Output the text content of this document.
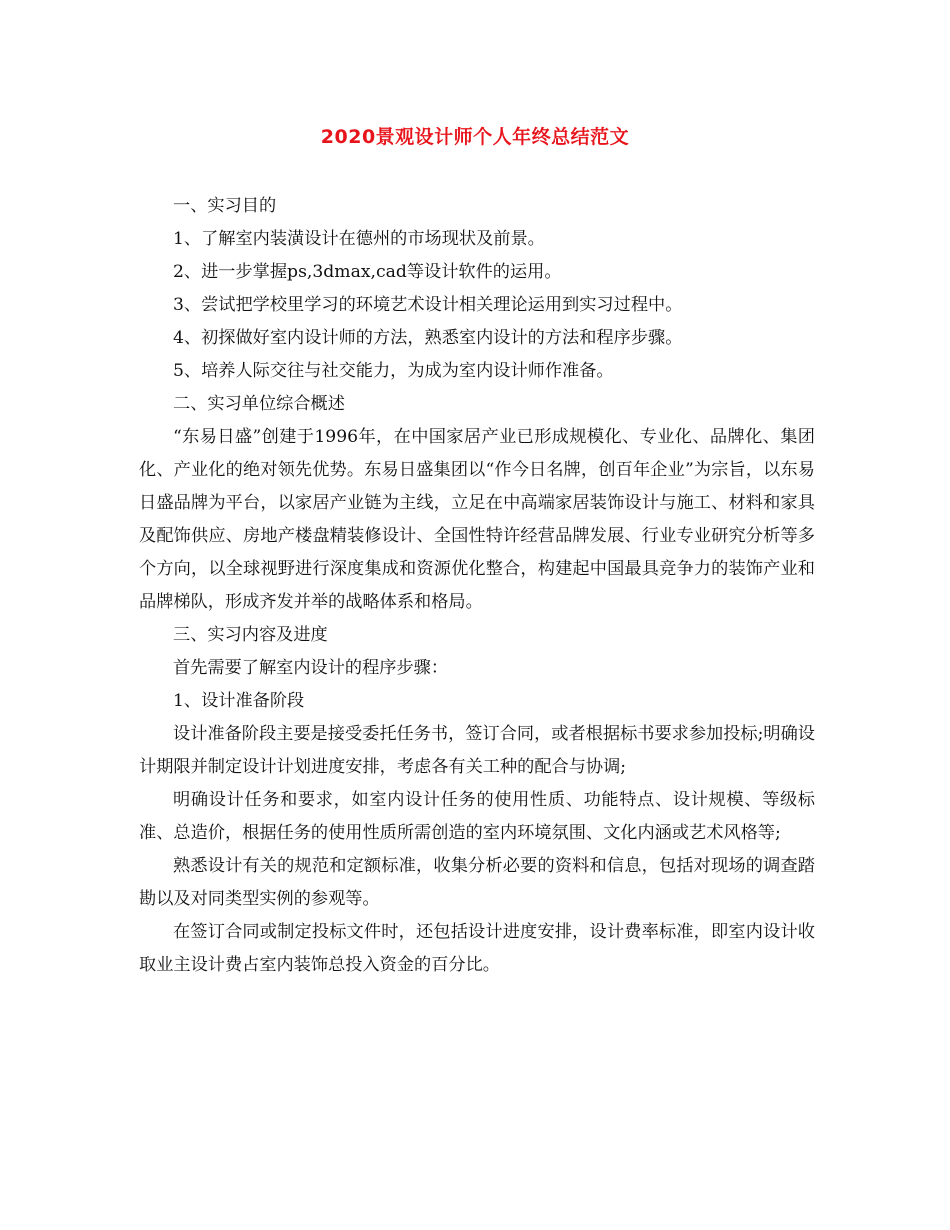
2020景观设计师个人年终总结范文

一、实习目的

1、了解室内装潢设计在德州的市场现状及前景。

2、进一步掌握ps,3dmax,cad等设计软件的运用。

3、尝试把学校里学习的环境艺术设计相关理论运用到实习过程中。

4、初探做好室内设计师的方法，熟悉室内设计的方法和程序步骤。

5、培养人际交往与社交能力，为成为室内设计师作准备。

二、实习单位综合概述

“东易日盛”创建于1996年，在中国家居产业已形成规模化、专业化、品牌化、集团化、产业化的绝对领先优势。东易日盛集团以“作今日名牌，创百年企业”为宗旨，以东易日盛品牌为平台，以家居产业链为主线，立足在中高端家居装饰设计与施工、材料和家具及配饰供应、房地产楼盘精装修设计、全国性特许经营品牌发展、行业专业研究分析等多个方向，以全球视野进行深度集成和资源优化整合，构建起中国最具竞争力的装饰产业和品牌梯队，形成齐发并举的战略体系和格局。

三、实习内容及进度

首先需要了解室内设计的程序步骤：

1、设计准备阶段

设计准备阶段主要是接受委托任务书，签订合同，或者根据标书要求参加投标;明确设计期限并制定设计计划进度安排，考虑各有关工种的配合与协调;

明确设计任务和要求，如室内设计任务的使用性质、功能特点、设计规模、等级标准、总造价，根据任务的使用性质所需创造的室内环境氛围、文化内涵或艺术风格等;

熟悉设计有关的规范和定额标准，收集分析必要的资料和信息，包括对现场的调查踏勘以及对同类型实例的参观等。

在签订合同或制定投标文件时，还包括设计进度安排，设计费率标准，即室内设计收取业主设计费占室内装饰总投入资金的百分比。
